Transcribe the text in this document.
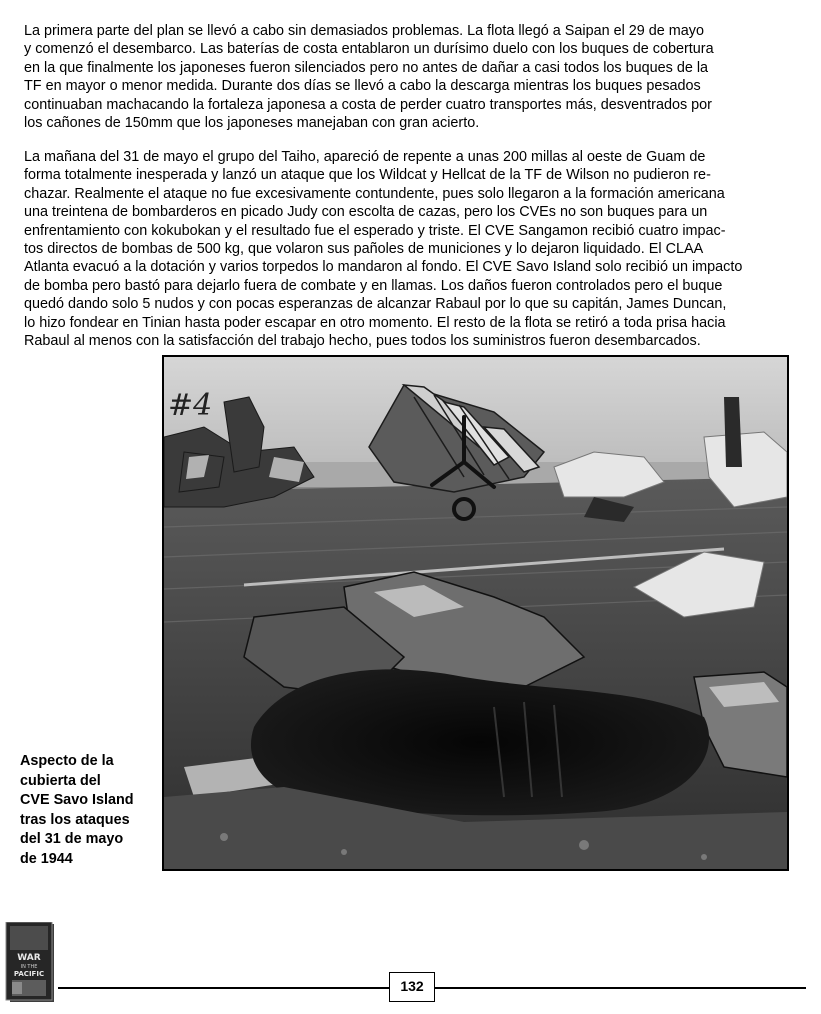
La primera parte del plan se llevó a cabo sin demasiados problemas. La flota llegó a Saipan el 29 de mayo
y comenzó el desembarco. Las baterías de costa entablaron un durísimo duelo con los buques de cobertura
en la que finalmente los japoneses fueron silenciados pero no antes de dañar a casi todos los buques de la
TF en mayor o menor medida. Durante dos días se llevó a cabo la descarga mientras los buques pesados
continuaban machacando la fortaleza japonesa a costa de perder cuatro transportes más, desventrados por
los cañones de 150mm que los japoneses manejaban con gran acierto.
La mañana del 31 de mayo el grupo del Taiho, apareció de repente a unas 200 millas al oeste de Guam de
forma totalmente inesperada y lanzó un ataque que los Wildcat y Hellcat de la TF de Wilson no pudieron re-
chazar. Realmente el ataque no fue excesivamente contundente, pues solo llegaron a la formación americana
una treintena de bombarderos en picado Judy con escolta de cazas, pero los CVEs no son buques para un
enfrentamiento con kokubokan y el resultado fue el esperado y triste. El CVE Sangamon recibió cuatro impac-
tos directos de bombas de 500 kg, que volaron sus pañoles de municiones y lo dejaron liquidado. El CLAA
Atlanta evacuó a la dotación y varios torpedos lo mandaron al fondo. El CVE Savo Island solo recibió un impacto
de bomba pero bastó para dejarlo fuera de combate y en llamas. Los daños fueron controlados pero el buque
quedó dando solo 5 nudos y con pocas esperanzas de alcanzar Rabaul por lo que su capitán, James Duncan,
lo hizo fondear en Tinian hasta poder escapar en otro momento. El resto de la flota se retiró a toda prisa hacia
Rabaul al menos con la satisfacción del trabajo hecho, pues todos los suministros fueron desembarcados.
#4
Aspecto de la
cubierta del
CVE Savo Island
tras los ataques
del 31 de mayo
de 1944
WAR
IN THE
PACIFIC
132
